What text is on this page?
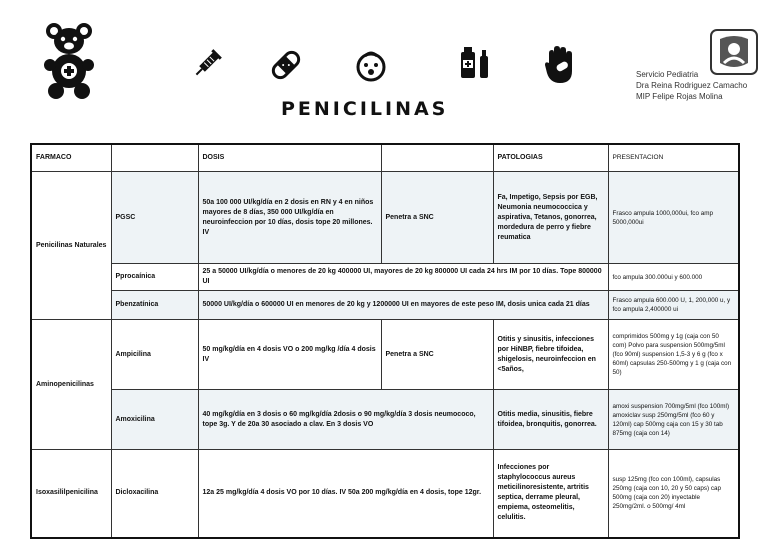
PENICILINAS
Servicio Pediatria
Dra Reina Rodriguez Camacho
MIP Felipe Rojas Molina
FARMACO		DOSIS		PATOLOGIAS	PRESENTACION
Penicilinas Naturales	PGSC	50a 100 000 UI/kg/día en 2 dosis en RN y 4 en niños mayores de 8 días, 350 000 UI/kg/día en neuroinfeccion por 10 días, dosis tope 20 millones. IV	Penetra a SNC	Fa, Impetigo, Sepsis por EGB, Neumonia neumococcica y aspirativa, Tetanos, gonorrea, mordedura de perro y fiebre reumatica	Frasco ampula 1000,000ui, fco amp 5000,000ui
	Pprocaínica	25 a 50000 UI/kg/día o menores de 20 kg 400000 UI, mayores de 20 kg 800000 UI cada 24 hrs IM por 10 días. Tope 800000 UI			fco ampula 300.000ui y 600.000
	Pbenzatínica	50000 UI/kg/día o 600000 UI en menores de 20 kg y 1200000 UI en mayores de este peso IM, dosis unica cada 21 días			Frasco ampula 600.000 U, 1, 200,000 u, y fco ampula 2,400000 ui
Aminopenicilinas	Ampicilina	50 mg/kg/día en 4 dosis VO o 200 mg/kg /día 4 dosis IV	Penetra a SNC	Otitis y sinusitis, infecciones por HiNBP, fiebre tifoidea, shigelosis, neuroinfeccion en <5años,	comprimidos 500mg y 1g (caja con 50 com) Polvo para suspension 500mg/5ml (fco 90ml) suspension 1,5-3 y 6 g (fco x 60ml) capsulas 250-500mg y 1 g (caja con 50)
	Amoxicilina	40 mg/kg/día en 3 dosis o 60 mg/kg/día 2dosis o 90 mg/kg/día 3 dosis neumococo, tope 3g. Y de 20a 30 asociado a clav. En 3 dosis VO		Otitis media, sinusitis, fiebre tifoidea, bronquitis, gonorrea.	amoxi suspension 700mg/5ml (fco 100ml) amoxiclav susp 250mg/5ml (fco 60 y 120ml) cap 500mg caja con 15 y 30 tab 875mg (caja con 14)
Isoxasililpenicilina	Dicloxacilina	12a 25 mg/kg/día 4 dosis VO por 10 días. IV 50a 200 mg/kg/día en 4 dosis, tope 12gr.		Infecciones por staphylococcus aureus meticilinoresistente, artritis septica, derrame pleural, empiema, osteomelitis, celulitis.	susp 125mg (fco con 100ml), capsulas 250mg (caja con 10, 20 y 50 caps) cap 500mg (caja con 20) inyectable 250mg/2ml. o 500mg/ 4ml
